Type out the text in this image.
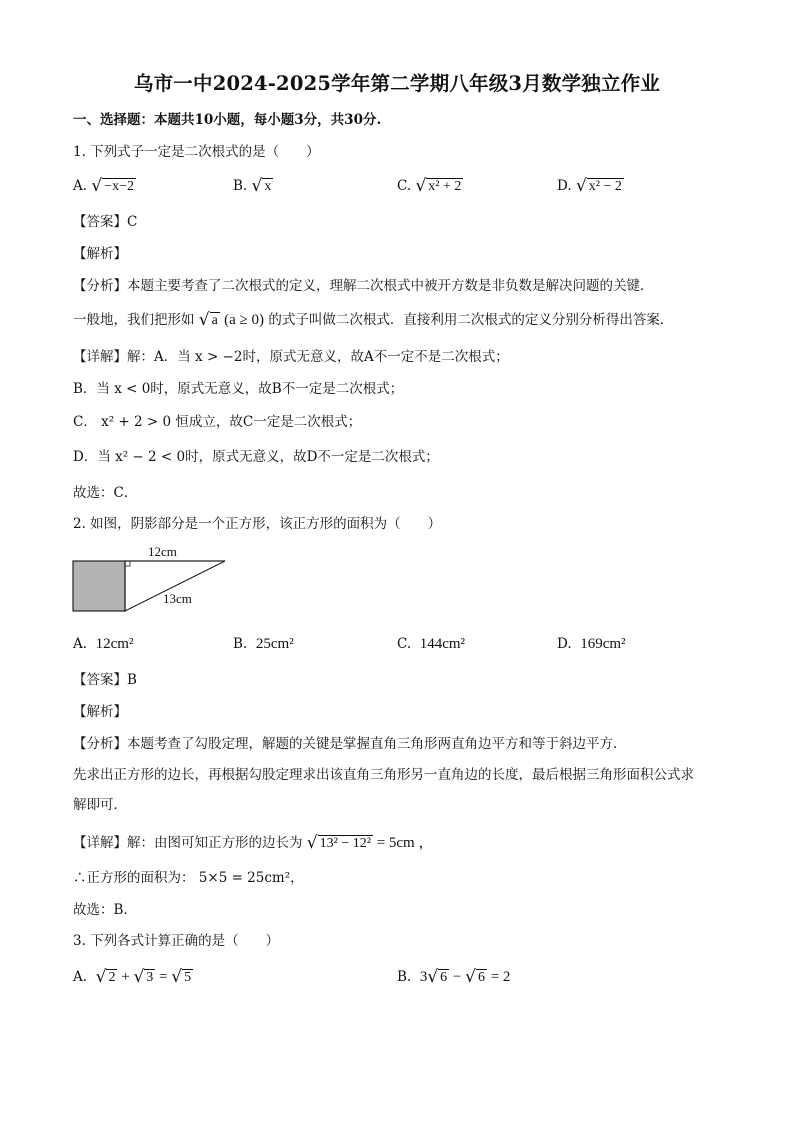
乌市一中2024-2025学年第二学期八年级3月数学独立作业
一、选择题：本题共10小题，每小题3分，共30分.
1. 下列式子一定是二次根式的是（　　）
A. √ −x−2	B. √ x	C. √ x² + 2	D. √ x² − 2
【答案】C
【解析】
【分析】本题主要考查了二次根式的定义，理解二次根式中被开方数是非负数是解决问题的关键．
一般地，我们把形如 √ a (a ≥ 0) 的式子叫做二次根式．直接利用二次根式的定义分别分析得出答案．
【详解】解：A．当 x > −2时，原式无意义，故A不一定不是二次根式；
B．当 x < 0时，原式无意义，故B不一定是二次根式；
C． x² + 2 > 0 恒成立，故C一定是二次根式；
D．当 x² − 2 < 0时，原式无意义，故D不一定是二次根式；
故选：C．
2. 如图，阴影部分是一个正方形，该正方形的面积为（　　）
12cm
13cm
A. 12cm²	B. 25cm²	C. 144cm²	D. 169cm²
【答案】B
【解析】
【分析】本题考查了勾股定理，解题的关键是掌握直角三角形两直角边平方和等于斜边平方．
先求出正方形的边长，再根据勾股定理求出该直角三角形另一直角边的长度，最后根据三角形面积公式求
解即可．
【详解】解：由图可知正方形的边长为 √ 13² − 12² = 5cm ，
∴正方形的面积为： 5×5 = 25cm²，
故选：B．
3. 下列各式计算正确的是（　　）
A. √ 2 + √ 3 = √ 5	B. 3 √ 6 − √ 6 = 2
